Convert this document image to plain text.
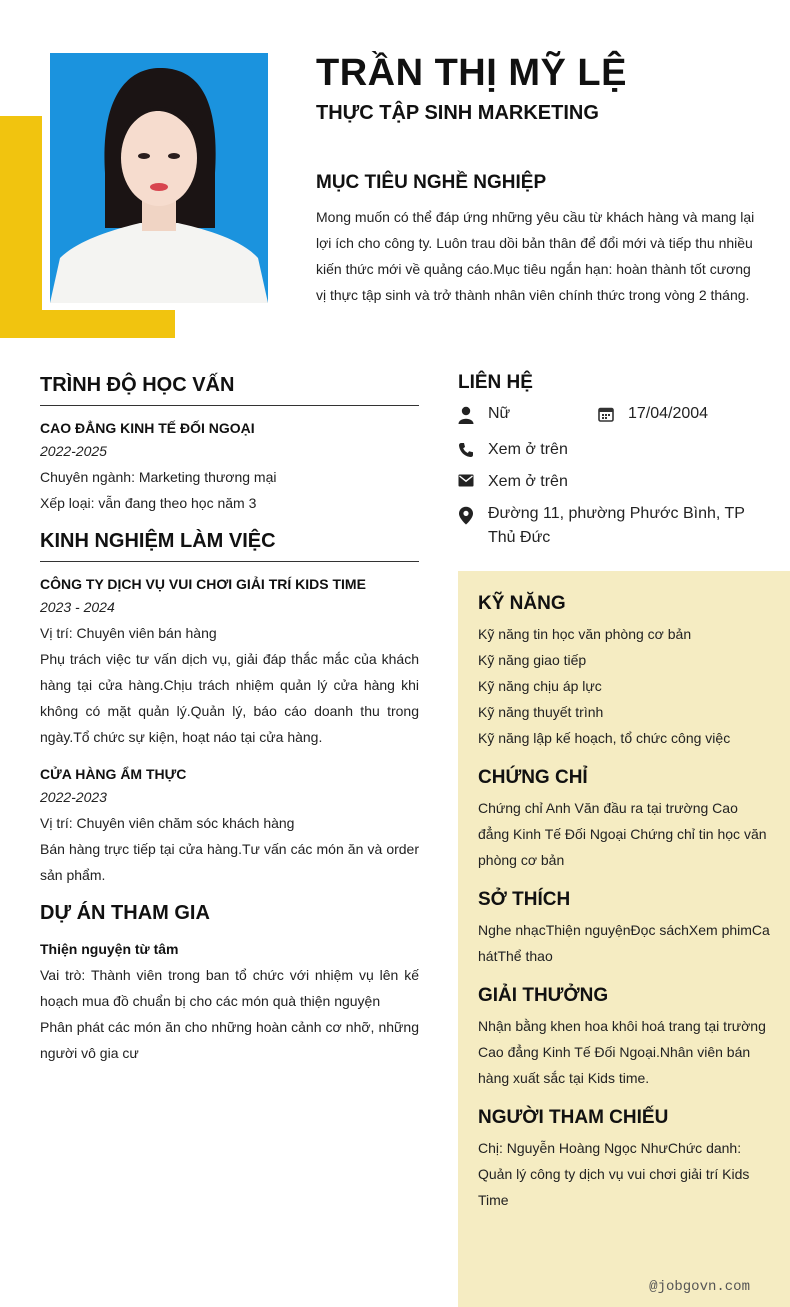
TRẦN THỊ MỸ LỆ
THỰC TẬP SINH MARKETING
MỤC TIÊU NGHỀ NGHIỆP
Mong muốn có thể đáp ứng những yêu cầu từ khách hàng và mang lại lợi ích cho công ty. Luôn trau dồi bản thân để đổi mới và tiếp thu nhiều kiến thức mới về quảng cáo.Mục tiêu ngắn hạn: hoàn thành tốt cương vị thực tập sinh và trở thành nhân viên chính thức trong vòng 2 tháng.
TRÌNH ĐỘ HỌC VẤN
CAO ĐẲNG KINH TẾ ĐỐI NGOẠI
2022-2025
Chuyên ngành: Marketing thương mại
Xếp loại: vẫn đang theo học năm 3
KINH NGHIỆM LÀM VIỆC
CÔNG TY DỊCH VỤ VUI CHƠI GIẢI TRÍ KIDS TIME
2023 - 2024
Vị trí: Chuyên viên bán hàng
Phụ trách việc tư vấn dịch vụ, giải đáp thắc mắc của khách hàng tại cửa hàng.Chịu trách nhiệm quản lý cửa hàng khi không có mặt quản lý.Quản lý, báo cáo doanh thu trong ngày.Tổ chức sự kiện, hoạt náo tại cửa hàng.
CỬA HÀNG ẨM THỰC
2022-2023
Vị trí: Chuyên viên chăm sóc khách hàng
Bán hàng trực tiếp tại cửa hàng.Tư vấn các món ăn và order sản phẩm.
DỰ ÁN THAM GIA
Thiện nguyện từ tâm
Vai trò: Thành viên trong ban tổ chức với nhiệm vụ lên kế hoạch mua đồ chuẩn bị cho các món quà thiện nguyện
Phân phát các món ăn cho những hoàn cảnh cơ nhỡ, những người vô gia cư
LIÊN HỆ
Nữ	17/04/2004
Xem ở trên
Xem ở trên
Đường 11, phường Phước Bình, TP Thủ Đức
KỸ NĂNG
Kỹ năng tin học văn phòng cơ bản
Kỹ năng giao tiếp
Kỹ năng chịu áp lực
Kỹ năng thuyết trình
Kỹ năng lập kế hoạch, tổ chức công việc
CHỨNG CHỈ
Chứng chỉ Anh Văn đầu ra tại trường Cao đẳng Kinh Tế Đối Ngoại Chứng chỉ tin học văn phòng cơ bản
SỞ THÍCH
Nghe nhạcThiện nguyệnĐọc sáchXem phimCa hátThể thao
GIẢI THƯỞNG
Nhận bằng khen hoa khôi hoá trang tại trường Cao đẳng Kinh Tế Đối Ngoại.Nhân viên bán hàng xuất sắc tại Kids time.
NGƯỜI THAM CHIẾU
Chị: Nguyễn Hoàng Ngọc NhưChức danh: Quản lý công ty dịch vụ vui chơi giải trí Kids Time
@jobgovn.com
